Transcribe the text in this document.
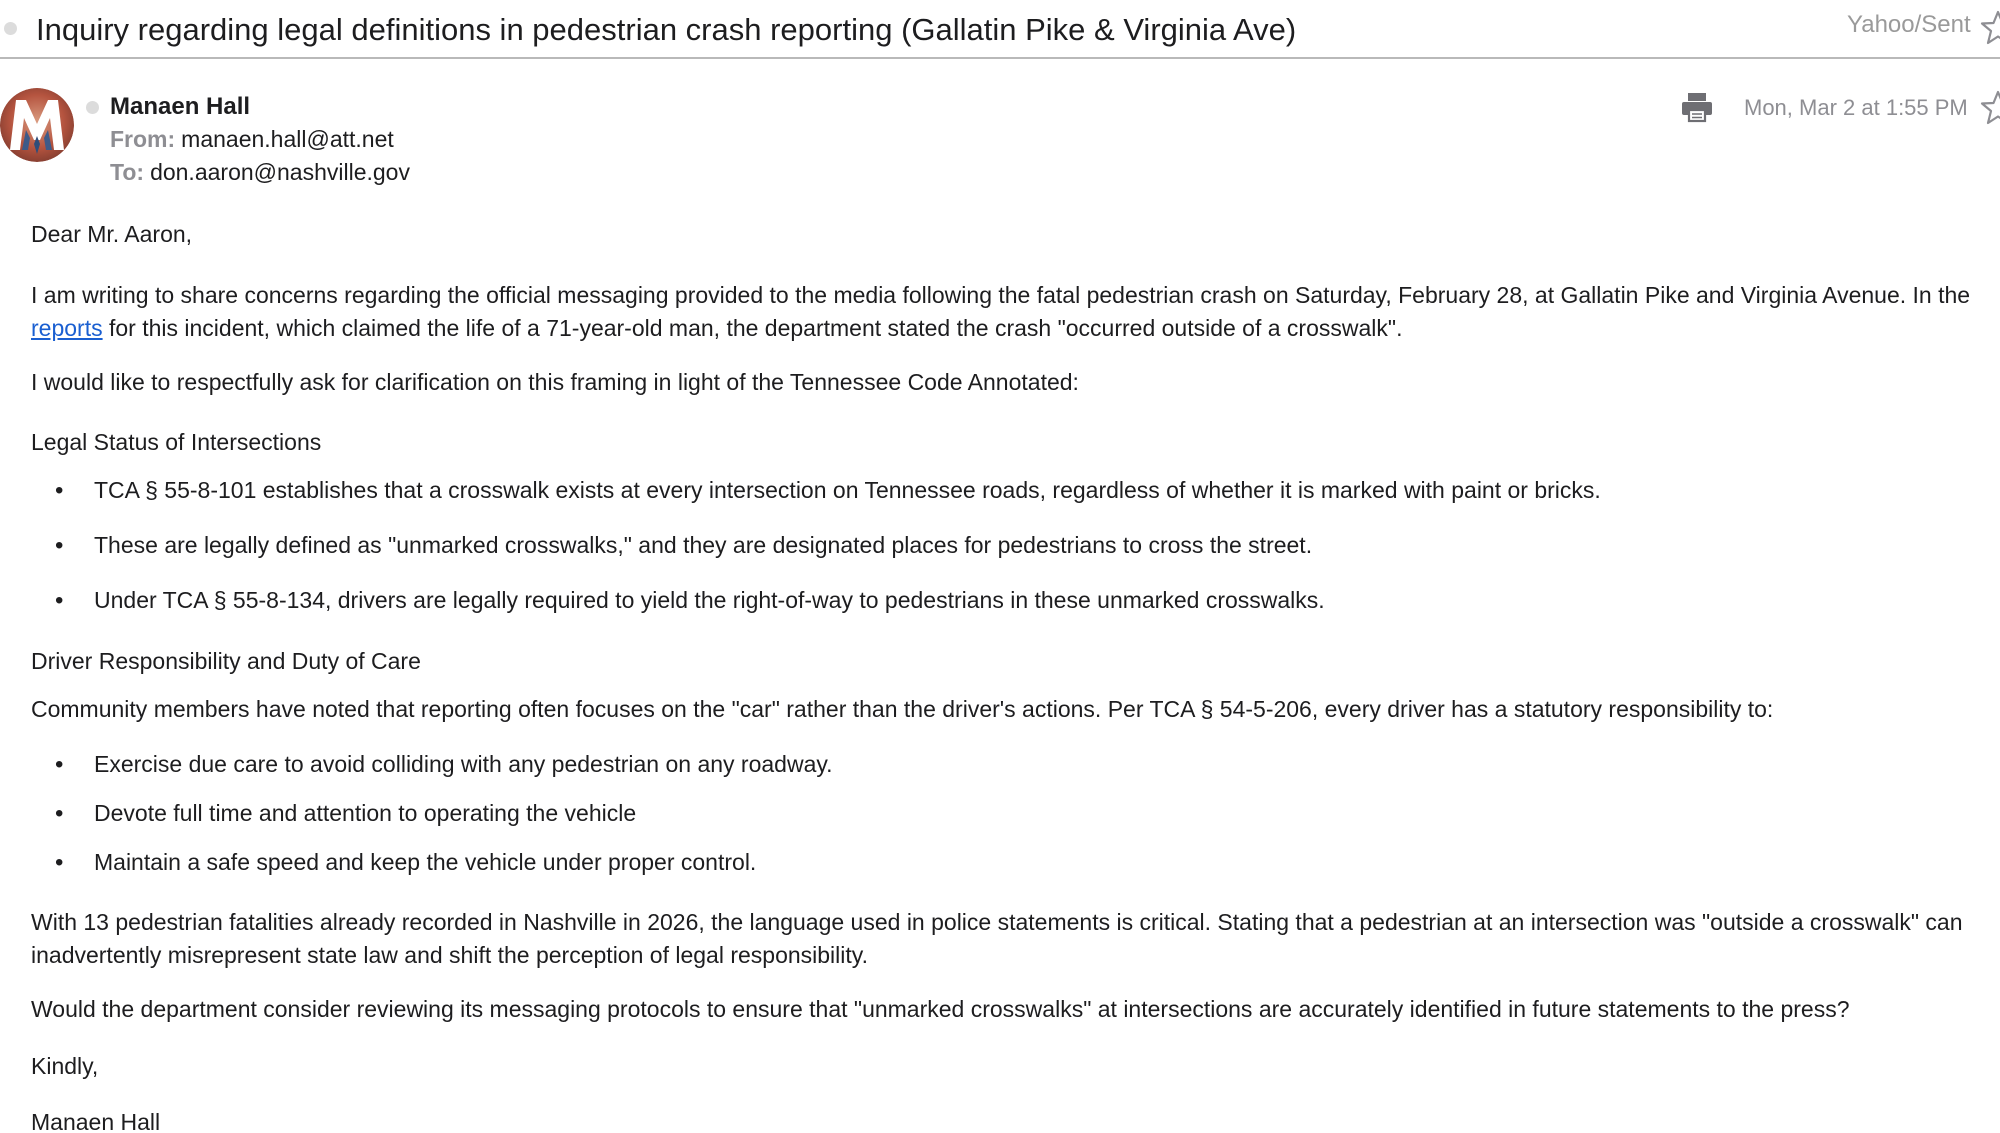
Inquiry regarding legal definitions in pedestrian crash reporting (Gallatin Pike & Virginia Ave)	Yahoo/Sent
Manaen Hall
From: manaen.hall@att.net
To: don.aaron@nashville.gov
Mon, Mar 2 at 1:55 PM

Dear Mr. Aaron,

I am writing to share concerns regarding the official messaging provided to the media following the fatal pedestrian crash on Saturday, February 28, at Gallatin Pike and Virginia Avenue. In the reports for this incident, which claimed the life of a 71-year-old man, the department stated the crash "occurred outside of a crosswalk".

I would like to respectfully ask for clarification on this framing in light of the Tennessee Code Annotated:

Legal Status of Intersections

• TCA § 55-8-101 establishes that a crosswalk exists at every intersection on Tennessee roads, regardless of whether it is marked with paint or bricks.
• These are legally defined as "unmarked crosswalks," and they are designated places for pedestrians to cross the street.
• Under TCA § 55-8-134, drivers are legally required to yield the right-of-way to pedestrians in these unmarked crosswalks.

Driver Responsibility and Duty of Care

Community members have noted that reporting often focuses on the "car" rather than the driver's actions. Per TCA § 54-5-206, every driver has a statutory responsibility to:

• Exercise due care to avoid colliding with any pedestrian on any roadway.
• Devote full time and attention to operating the vehicle
• Maintain a safe speed and keep the vehicle under proper control.

With 13 pedestrian fatalities already recorded in Nashville in 2026, the language used in police statements is critical. Stating that a pedestrian at an intersection was "outside a crosswalk" can inadvertently misrepresent state law and shift the perception of legal responsibility.

Would the department consider reviewing its messaging protocols to ensure that "unmarked crosswalks" at intersections are accurately identified in future statements to the press?

Kindly,

Manaen Hall
